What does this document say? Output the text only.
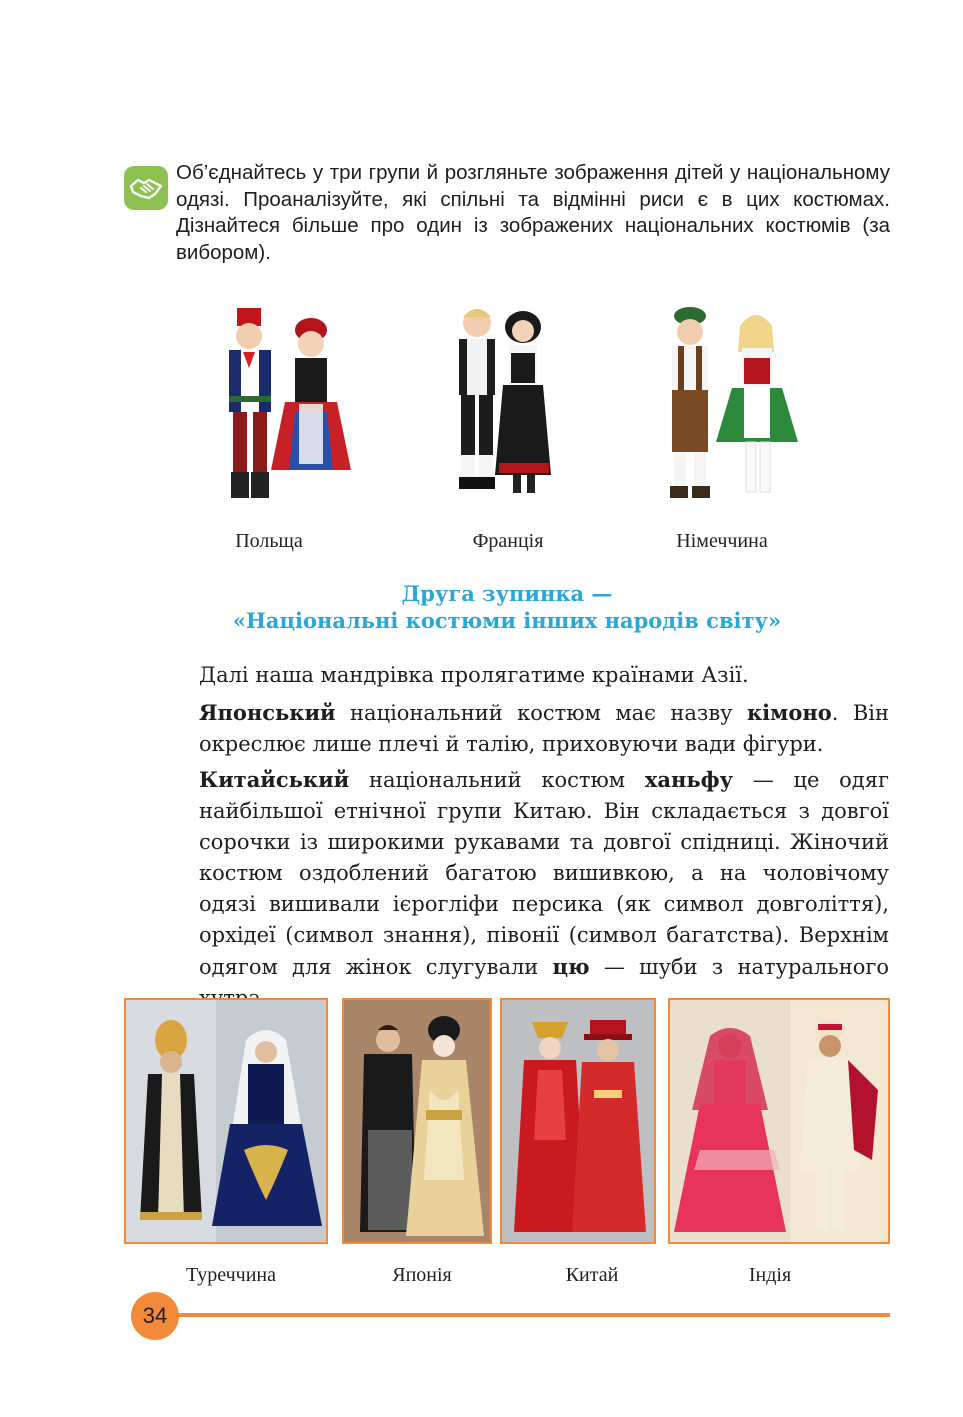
Об’єднайтесь у три групи й розгляньте зображення дітей у національному одязі. Проаналізуйте, які спільні та відмінні риси є в цих костюмах. Дізнайтеся більше про один із зображених національних костюмів (за вибором).
Польща	Франція	Німеччина
Друга зупинка —
«Національні костюми інших народів світу»

Далі наша мандрівка пролягатиме країнами Азії.

Японський національний костюм має назву кімоно. Він окреслює лише плечі й талію, приховуючи вади фігури.

Китайський національний костюм ханьфу — це одяг найбільшої етнічної групи Китаю. Він складається з довгої сорочки із широкими рукавами та довгої спідниці. Жіночий костюм оздоблений багатою вишивкою, а на чоловічому одязі вишивали ієрогліфи персика (як символ довголіття), орхідеї (символ знання), півонії (символ багатства). Верхнім одягом для жінок слугували цю — шуби з натурального

Туреччина	Японія	Китай	Індія
34
